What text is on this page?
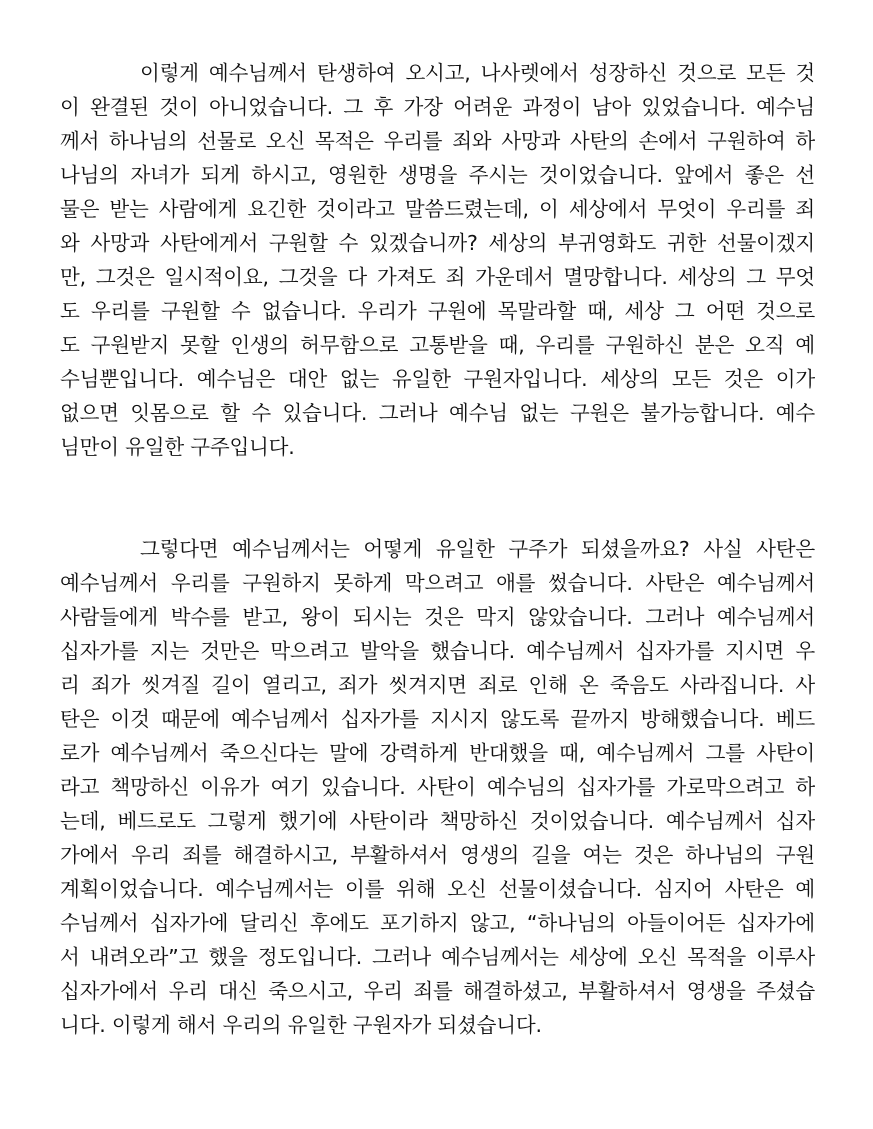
이렇게 예수님께서 탄생하여 오시고, 나사렛에서 성장하신 것으로 모든 것
이 완결된 것이 아니었습니다. 그 후 가장 어려운 과정이 남아 있었습니다. 예수님
께서 하나님의 선물로 오신 목적은 우리를 죄와 사망과 사탄의 손에서 구원하여 하
나님의 자녀가 되게 하시고, 영원한 생명을 주시는 것이었습니다. 앞에서 좋은 선
물은 받는 사람에게 요긴한 것이라고 말씀드렸는데, 이 세상에서 무엇이 우리를 죄
와 사망과 사탄에게서 구원할 수 있겠습니까? 세상의 부귀영화도 귀한 선물이겠지
만, 그것은 일시적이요, 그것을 다 가져도 죄 가운데서 멸망합니다. 세상의 그 무엇
도 우리를 구원할 수 없습니다. 우리가 구원에 목말라할 때, 세상 그 어떤 것으로
도 구원받지 못할 인생의 허무함으로 고통받을 때, 우리를 구원하신 분은 오직 예
수님뿐입니다. 예수님은 대안 없는 유일한 구원자입니다. 세상의 모든 것은 이가
없으면 잇몸으로 할 수 있습니다. 그러나 예수님 없는 구원은 불가능합니다. 예수
님만이 유일한 구주입니다.
그렇다면 예수님께서는 어떻게 유일한 구주가 되셨을까요? 사실 사탄은
예수님께서 우리를 구원하지 못하게 막으려고 애를 썼습니다. 사탄은 예수님께서
사람들에게 박수를 받고, 왕이 되시는 것은 막지 않았습니다. 그러나 예수님께서
십자가를 지는 것만은 막으려고 발악을 했습니다. 예수님께서 십자가를 지시면 우
리 죄가 씻겨질 길이 열리고, 죄가 씻겨지면 죄로 인해 온 죽음도 사라집니다. 사
탄은 이것 때문에 예수님께서 십자가를 지시지 않도록 끝까지 방해했습니다. 베드
로가 예수님께서 죽으신다는 말에 강력하게 반대했을 때, 예수님께서 그를 사탄이
라고 책망하신 이유가 여기 있습니다. 사탄이 예수님의 십자가를 가로막으려고 하
는데, 베드로도 그렇게 했기에 사탄이라 책망하신 것이었습니다. 예수님께서 십자
가에서 우리 죄를 해결하시고, 부활하셔서 영생의 길을 여는 것은 하나님의 구원
계획이었습니다. 예수님께서는 이를 위해 오신 선물이셨습니다. 심지어 사탄은 예
수님께서 십자가에 달리신 후에도 포기하지 않고, “하나님의 아들이어든 십자가에
서 내려오라”고 했을 정도입니다. 그러나 예수님께서는 세상에 오신 목적을 이루사
십자가에서 우리 대신 죽으시고, 우리 죄를 해결하셨고, 부활하셔서 영생을 주셨습
니다. 이렇게 해서 우리의 유일한 구원자가 되셨습니다.
